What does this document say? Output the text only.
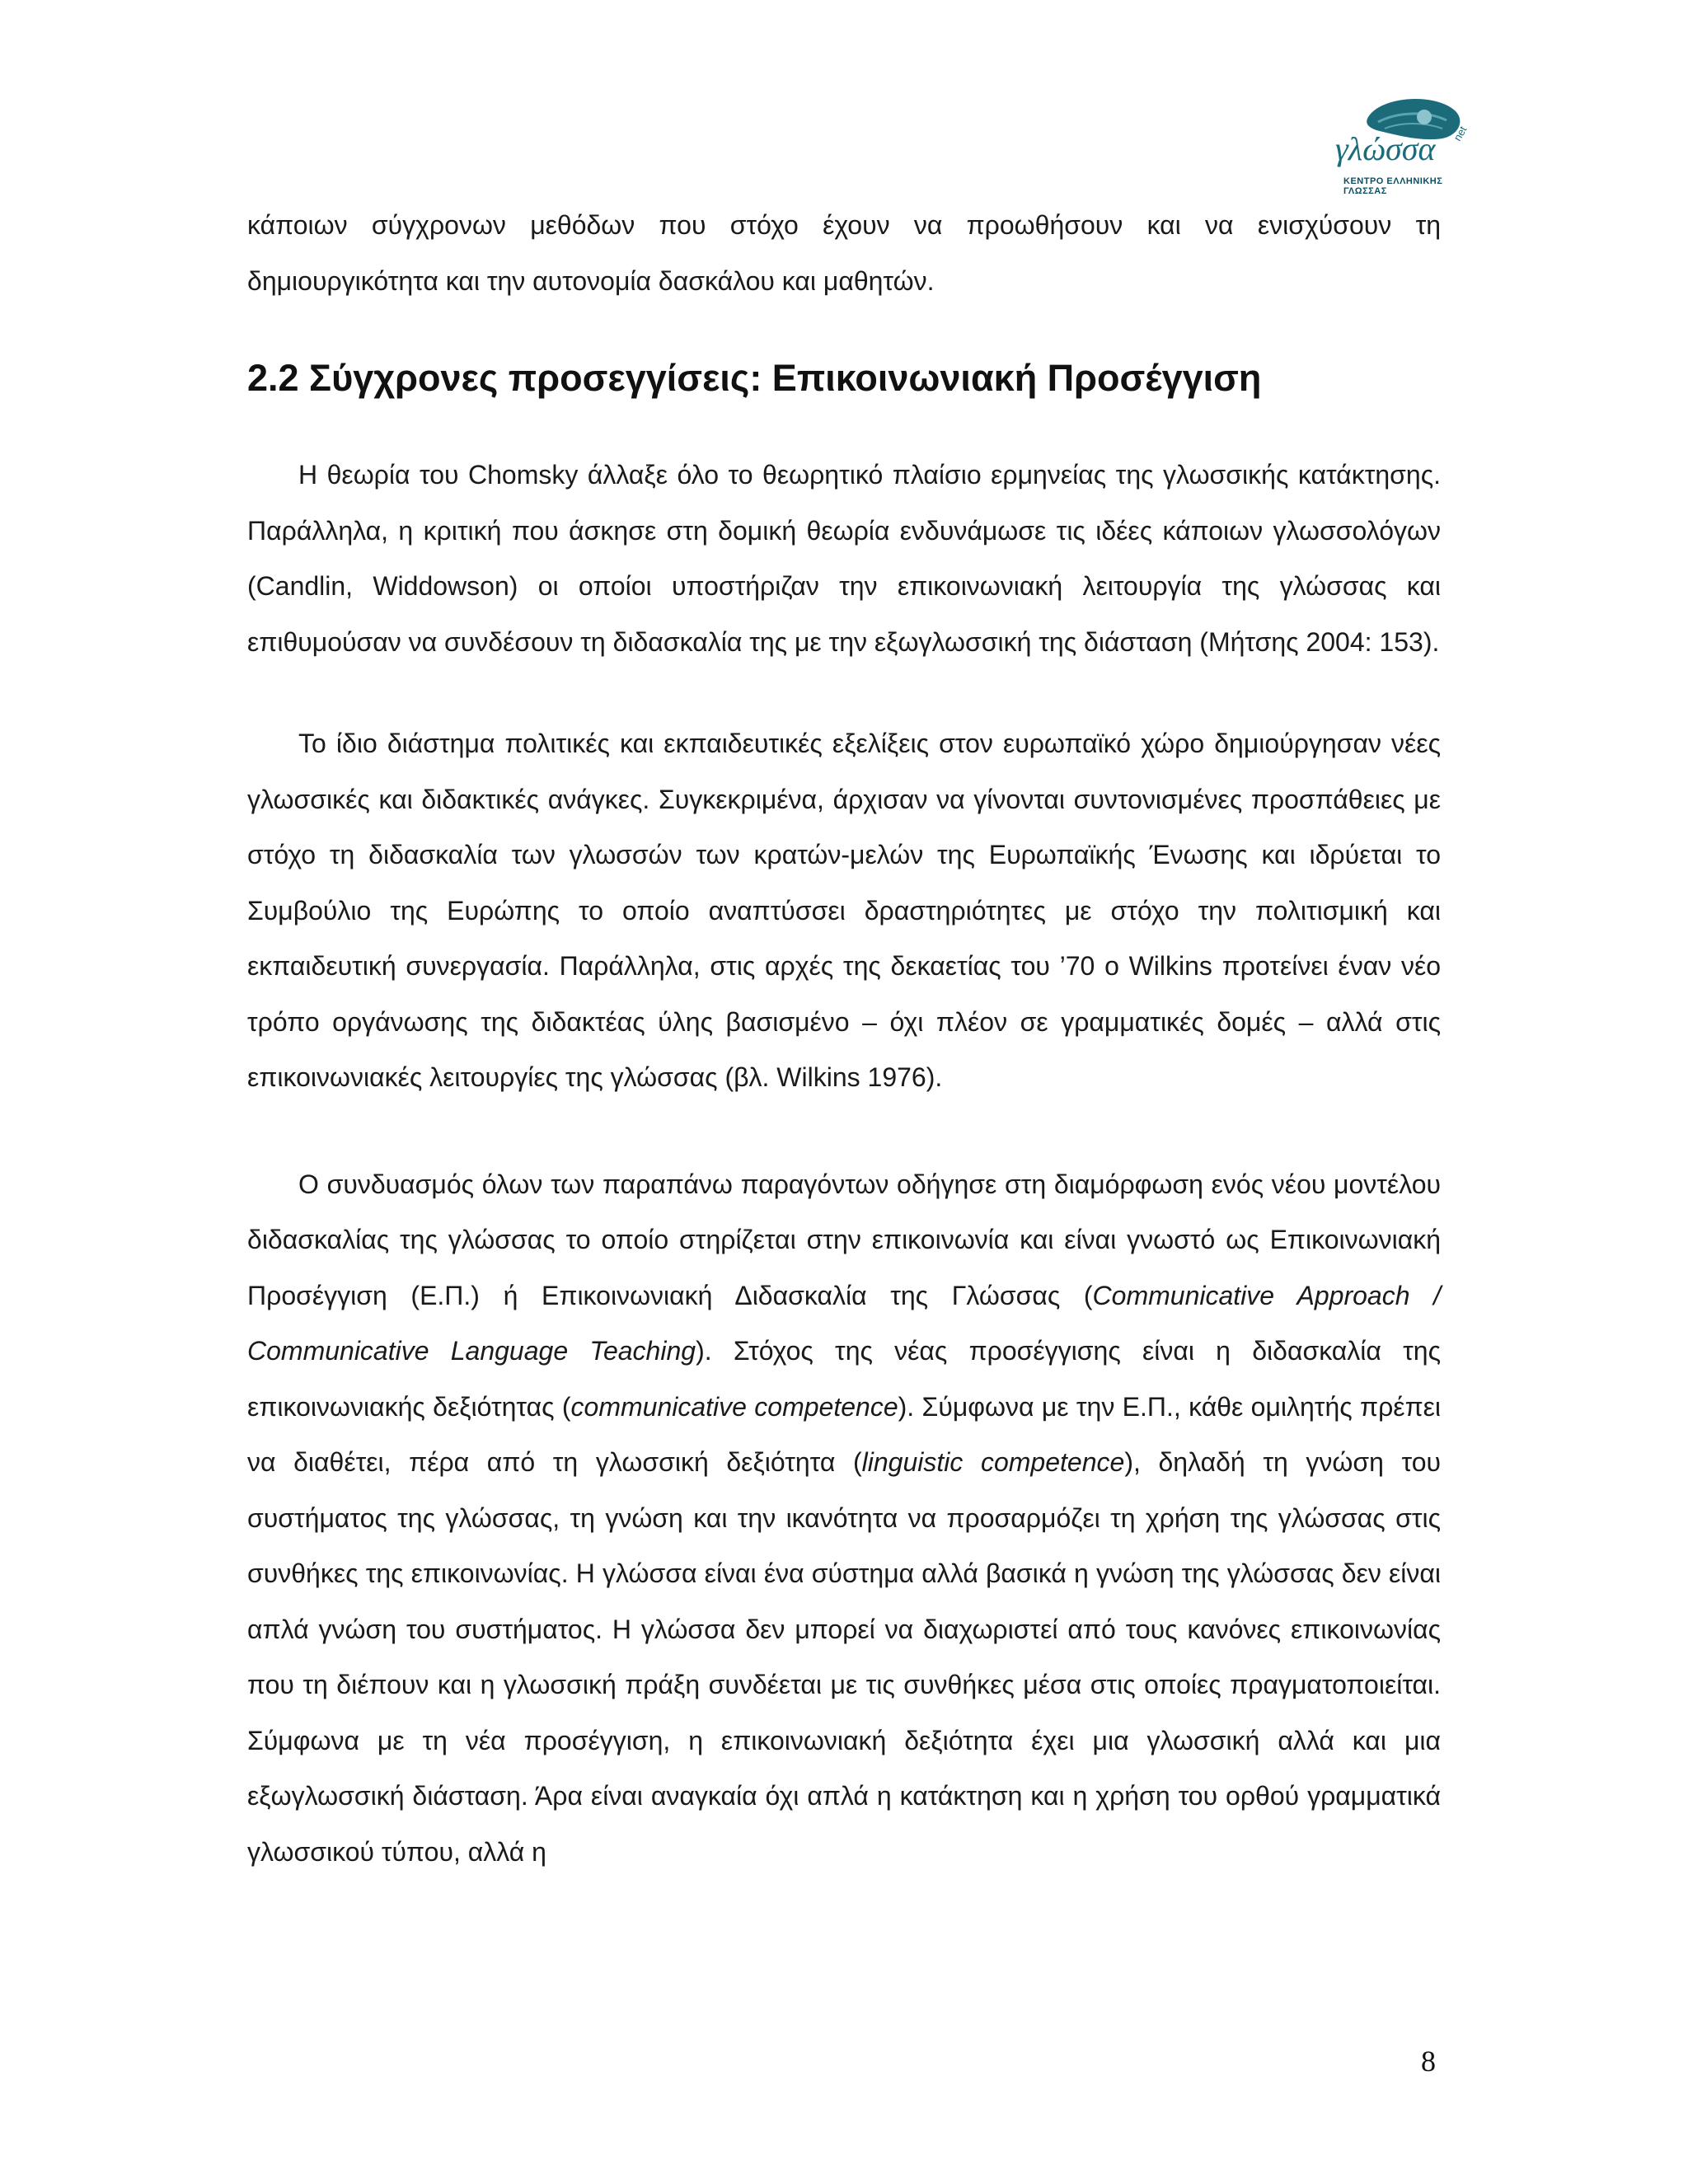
γλώσσα net
ΚΕΝΤΡΟ ΕΛΛΗΝΙΚΗΣ ΓΛΩΣΣΑΣ

κάποιων σύγχρονων μεθόδων που στόχο έχουν να προωθήσουν και να ενισχύσουν τη δημιουργικότητα και την αυτονομία δασκάλου και μαθητών.

2.2 Σύγχρονες προσεγγίσεις: Επικοινωνιακή Προσέγγιση

Η θεωρία του Chomsky άλλαξε όλο το θεωρητικό πλαίσιο ερμηνείας της γλωσσικής κατάκτησης. Παράλληλα, η κριτική που άσκησε στη δομική θεωρία ενδυνάμωσε τις ιδέες κάποιων γλωσσολόγων (Candlin, Widdowson) οι οποίοι υποστήριζαν την επικοινωνιακή λειτουργία της γλώσσας και επιθυμούσαν να συνδέσουν τη διδασκαλία της με την εξωγλωσσική της διάσταση (Μήτσης 2004: 153).

Το ίδιο διάστημα πολιτικές και εκπαιδευτικές εξελίξεις στον ευρωπαϊκό χώρο δημιούργησαν νέες γλωσσικές και διδακτικές ανάγκες. Συγκεκριμένα, άρχισαν να γίνονται συντονισμένες προσπάθειες με στόχο τη διδασκαλία των γλωσσών των κρατών-μελών της Ευρωπαϊκής Ένωσης και ιδρύεται το Συμβούλιο της Ευρώπης το οποίο αναπτύσσει δραστηριότητες με στόχο την πολιτισμική και εκπαιδευτική συνεργασία. Παράλληλα, στις αρχές της δεκαετίας του ’70 ο Wilkins προτείνει έναν νέο τρόπο οργάνωσης της διδακτέας ύλης βασισμένο – όχι πλέον σε γραμματικές δομές – αλλά στις επικοινωνιακές λειτουργίες της γλώσσας (βλ. Wilkins 1976).

Ο συνδυασμός όλων των παραπάνω παραγόντων οδήγησε στη διαμόρφωση ενός νέου μοντέλου διδασκαλίας της γλώσσας το οποίο στηρίζεται στην επικοινωνία και είναι γνωστό ως Επικοινωνιακή Προσέγγιση (Ε.Π.) ή Επικοινωνιακή Διδασκαλία της Γλώσσας (Communicative Approach / Communicative Language Teaching). Στόχος της νέας προσέγγισης είναι η διδασκαλία της επικοινωνιακής δεξιότητας (communicative competence). Σύμφωνα με την Ε.Π., κάθε ομιλητής πρέπει να διαθέτει, πέρα από τη γλωσσική δεξιότητα (linguistic competence), δηλαδή τη γνώση του συστήματος της γλώσσας, τη γνώση και την ικανότητα να προσαρμόζει τη χρήση της γλώσσας στις συνθήκες της επικοινωνίας. Η γλώσσα είναι ένα σύστημα αλλά βασικά η γνώση της γλώσσας δεν είναι απλά γνώση του συστήματος. Η γλώσσα δεν μπορεί να διαχωριστεί από τους κανόνες επικοινωνίας που τη διέπουν και η γλωσσική πράξη συνδέεται με τις συνθήκες μέσα στις οποίες πραγματοποιείται. Σύμφωνα με τη νέα προσέγγιση, η επικοινωνιακή δεξιότητα έχει μια γλωσσική αλλά και μια εξωγλωσσική διάσταση. Άρα είναι αναγκαία όχι απλά η κατάκτηση και η χρήση του ορθού γραμματικά γλωσσικού τύπου, αλλά η

8
